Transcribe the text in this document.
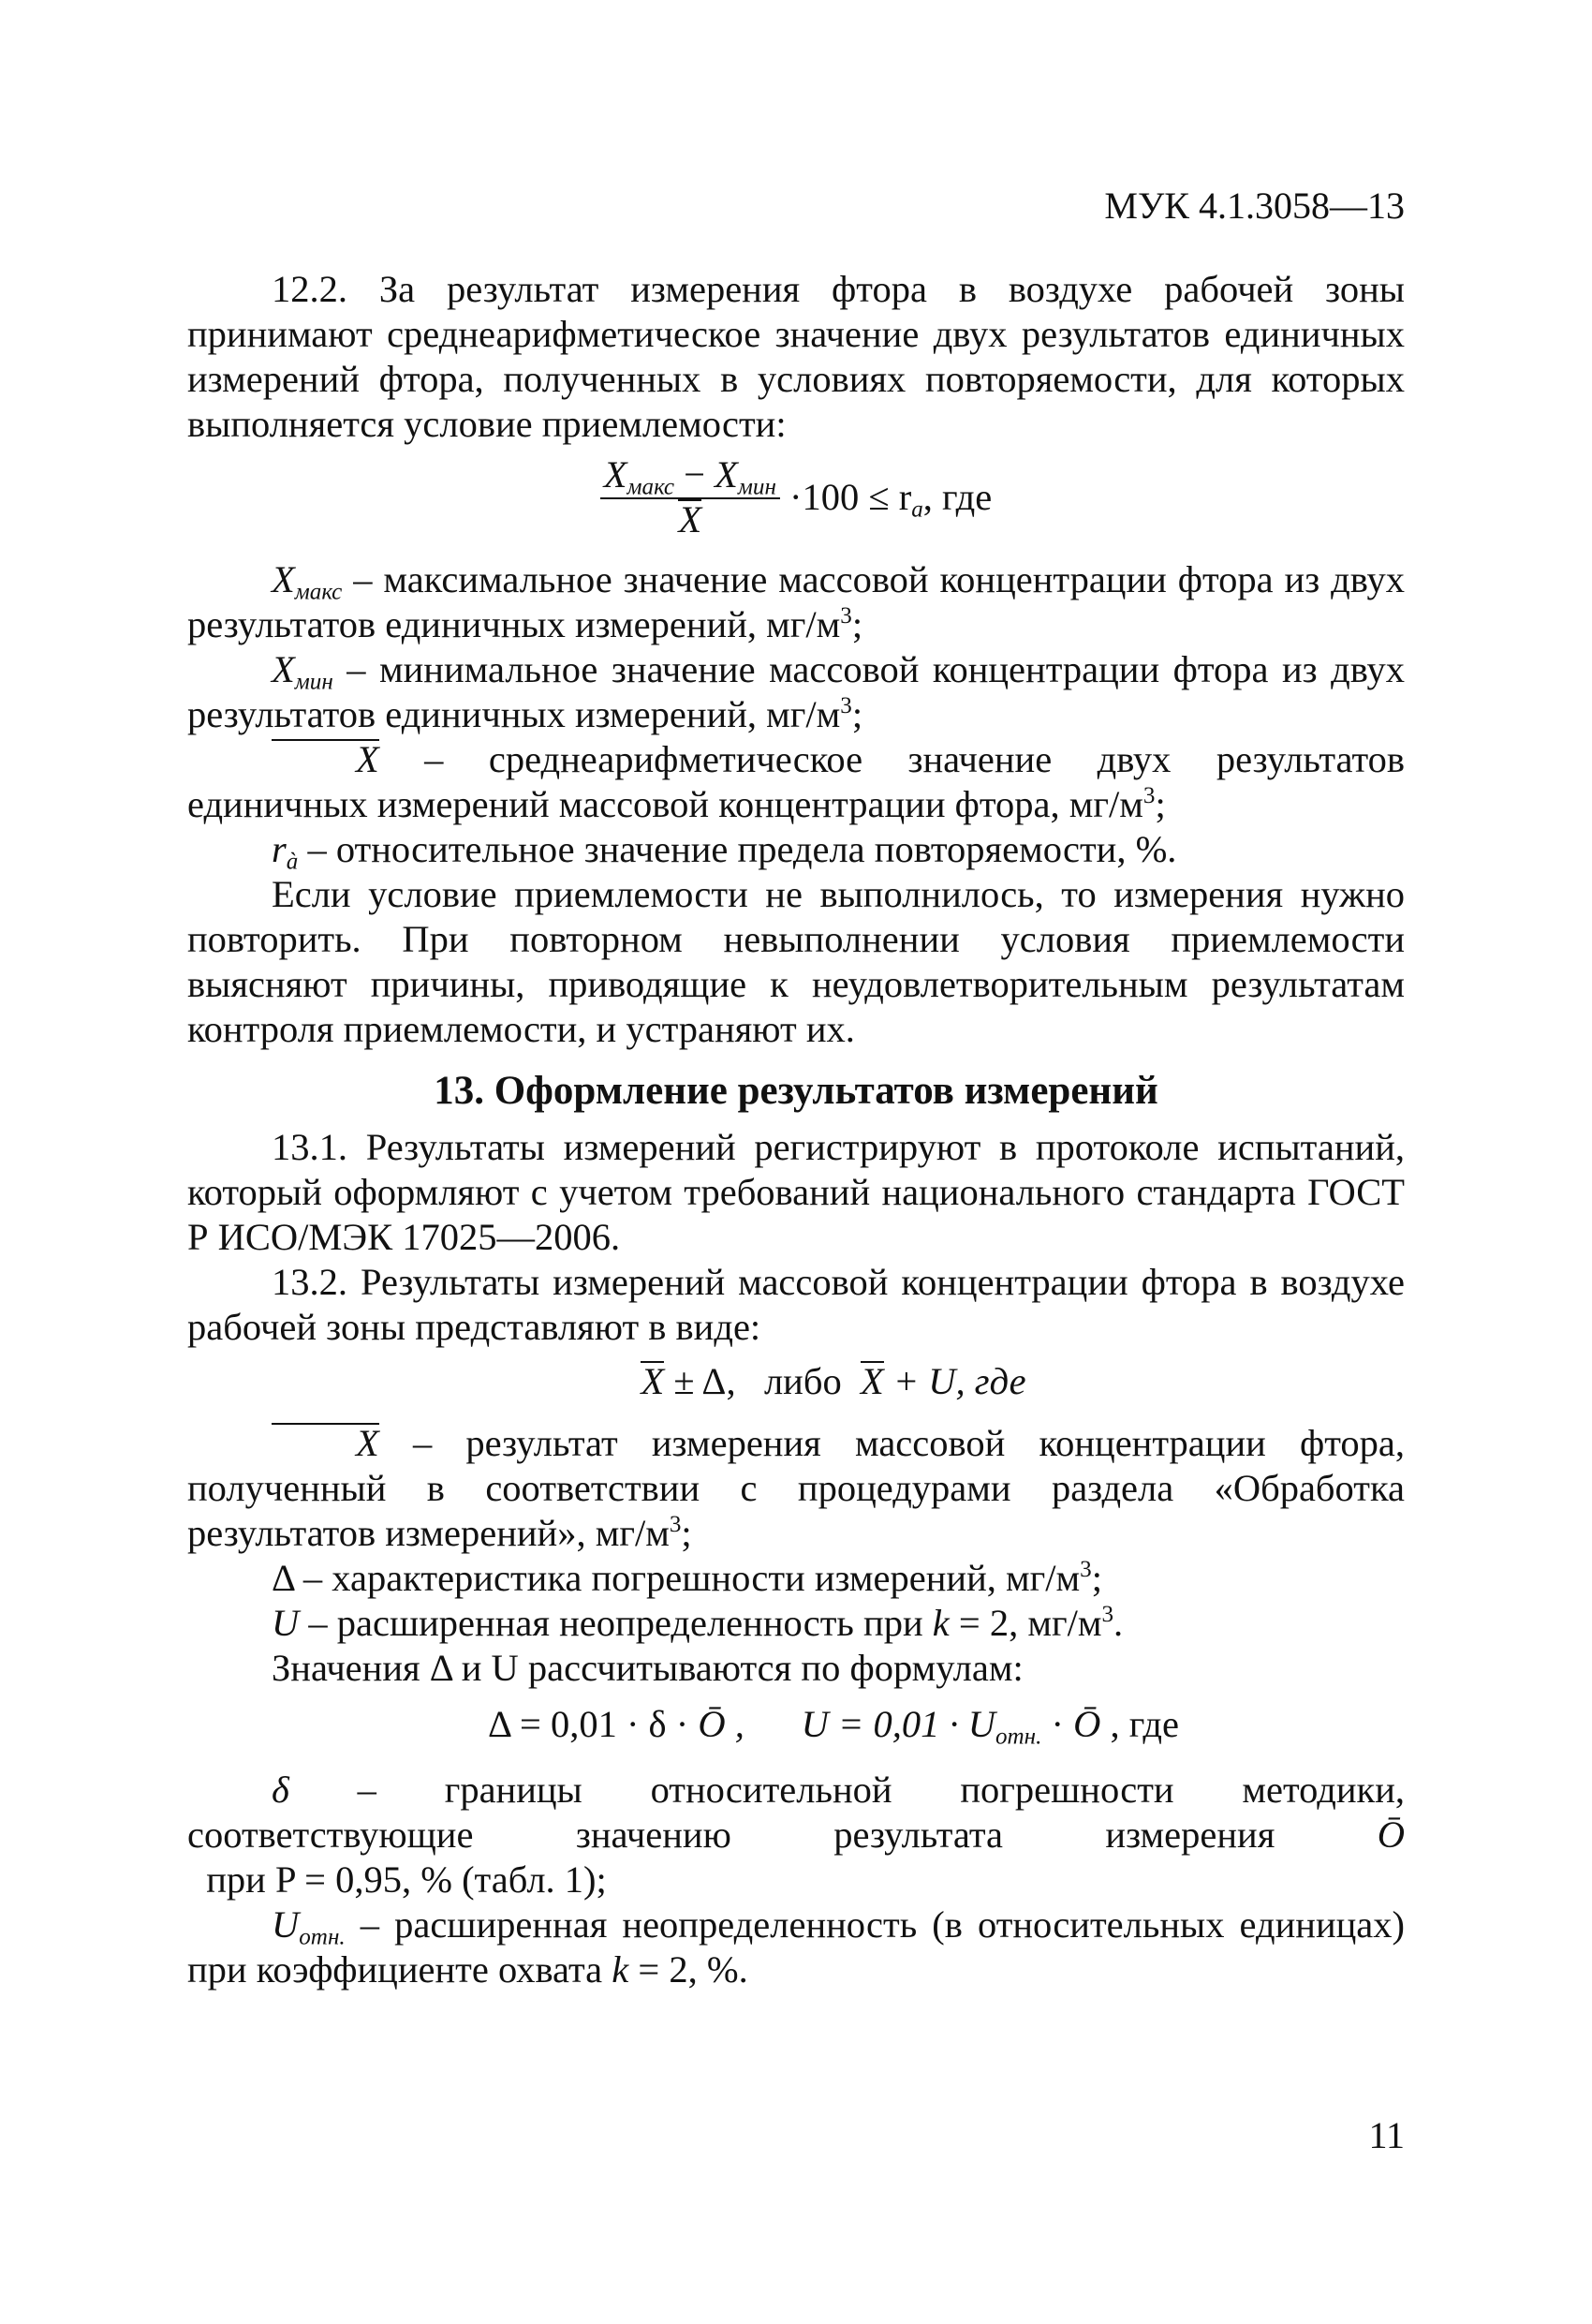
МУК 4.1.3058—13

12.2. За результат измерения фтора в воздухе рабочей зоны принимают среднеарифметическое значение двух результатов единичных измерений фтора, полученных в условиях повторяемости, для которых выполняется условие приемлемости:

$\frac{X_{макс} - X_{мин}}{X} \cdot 100 \le r_a$, где

$X_{макс}$ – максимальное значение массовой концентрации фтора из двух результатов единичных измерений, $мг/м^3$;

$X_{мин}$ – минимальное значение массовой концентрации фтора из двух результатов единичных измерений, $мг/м^3$;

X – среднеарифметическое значение двух результатов единичных измерений массовой концентрации фтора, $мг/м^3$;

$r_à$ – относительное значение предела повторяемости, %.

Если условие приемлемости не выполнилось, то измерения нужно повторить. При повторном невыполнении условия приемлемости выясняют причины, приводящие к неудовлетворительным результатам контроля приемлемости, и устраняют их.

13. Оформление результатов измерений

13.1. Результаты измерений регистрируют в протоколе испытаний, который оформляют с учетом требований национального стандарта ГОСТ Р ИСО/МЭК 17025—2006.

13.2. Результаты измерений массовой концентрации фтора в воздухе рабочей зоны представляют в виде:

X ± Δ,   либо  X + U, где

X – результат измерения массовой концентрации фтора, полученный в соответствии с процедурами раздела «Обработка результатов измерений», $мг/м^3$;

Δ – характеристика погрешности измерений, $мг/м^3$;

U – расширенная неопределенность при k = 2, $мг/м^3$.

Значения Δ и U рассчитываются по формулам:

Δ = 0,01 · δ · Ō ,      $U = 0,01 \cdot U_{отн.}$ · Ō , где

δ – границы относительной погрешности методики, соответствующие значению результата измерения Ō  при P = 0,95, % (табл. 1);

$U_{отн.}$ – расширенная неопределенность (в относительных единицах) при коэффициенте охвата k = 2, %.

11
